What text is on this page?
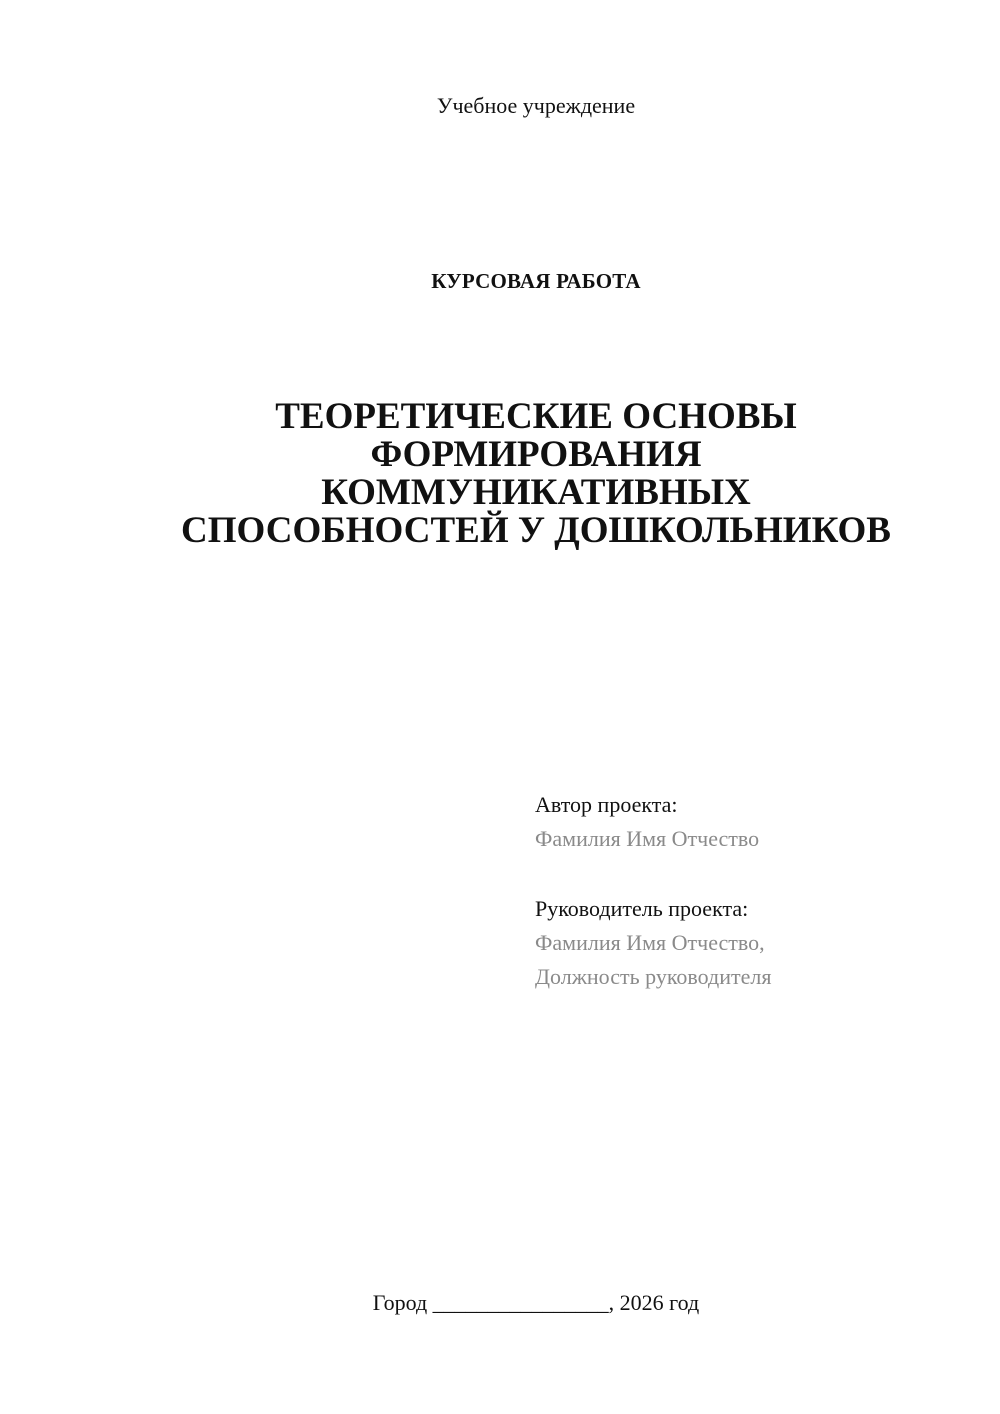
Учебное учреждение
КУРСОВАЯ РАБОТА
ТЕОРЕТИЧЕСКИЕ ОСНОВЫ
ФОРМИРОВАНИЯ
КОММУНИКАТИВНЫХ
СПОСОБНОСТЕЙ У ДОШКОЛЬНИКОВ
Автор проекта:
Фамилия Имя Отчество
Руководитель проекта:
Фамилия Имя Отчество,
Должность руководителя
Город ________________, 2026 год
